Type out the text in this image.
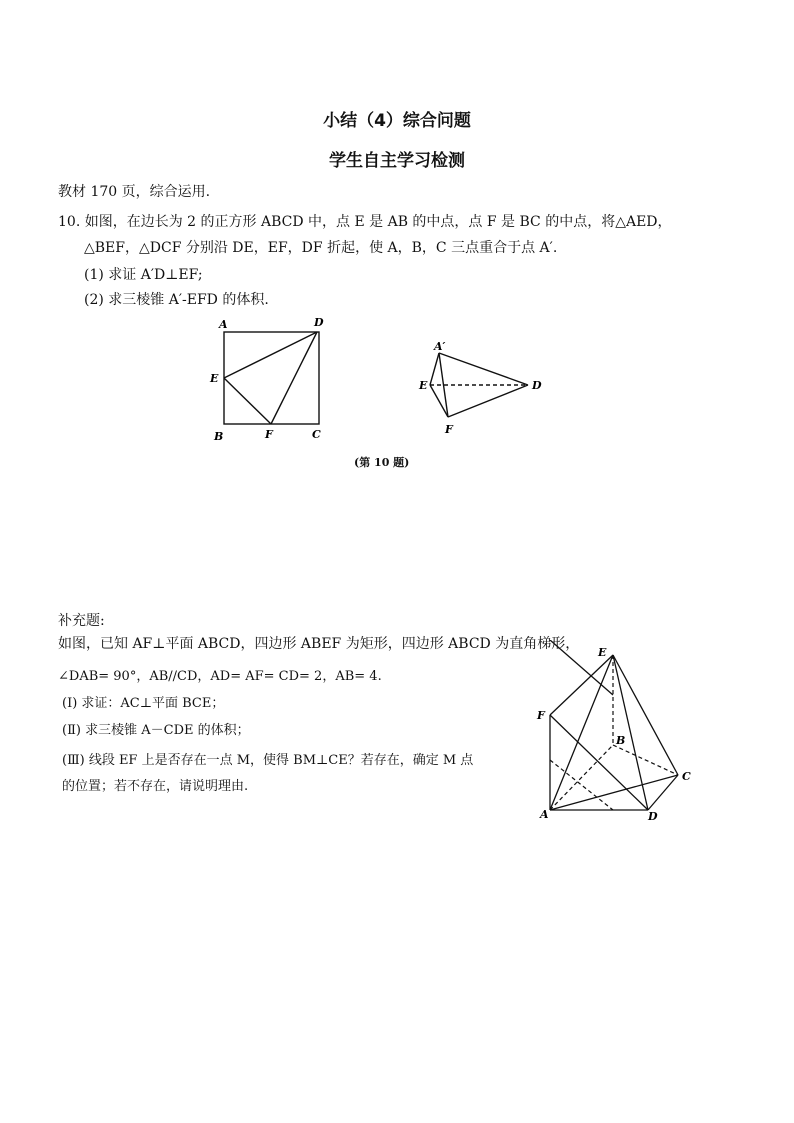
小结（4）综合问题
学生自主学习检测
教材 170 页，综合运用.
10. 如图，在边长为 2 的正方形 ABCD 中，点 E 是 AB 的中点，点 F 是 BC 的中点，将△AED，
△BEF，△DCF 分别沿 DE，EF，DF 折起，使 A，B，C 三点重合于点 A′.
(1) 求证 A′D⊥EF;
(2) 求三棱锥 A′-EFD 的体积.
A	D
E
B	F	C
A′
E	D
F
(第 10 题)
补充题:
如图，已知 AF⊥平面 ABCD，四边形 ABEF 为矩形，四边形 ABCD 为直角梯形，
∠DAB= 90°，AB//CD，AD= AF= CD= 2，AB= 4.
(Ⅰ) 求证：AC⊥平面 BCE；
(Ⅱ) 求三棱锥 A－CDE 的体积；
(Ⅲ) 线段 EF 上是否存在一点 M，使得 BM⊥CE？若存在，确定 M 点
的位置；若不存在，请说明理由.
E
F
B
C
A	D
